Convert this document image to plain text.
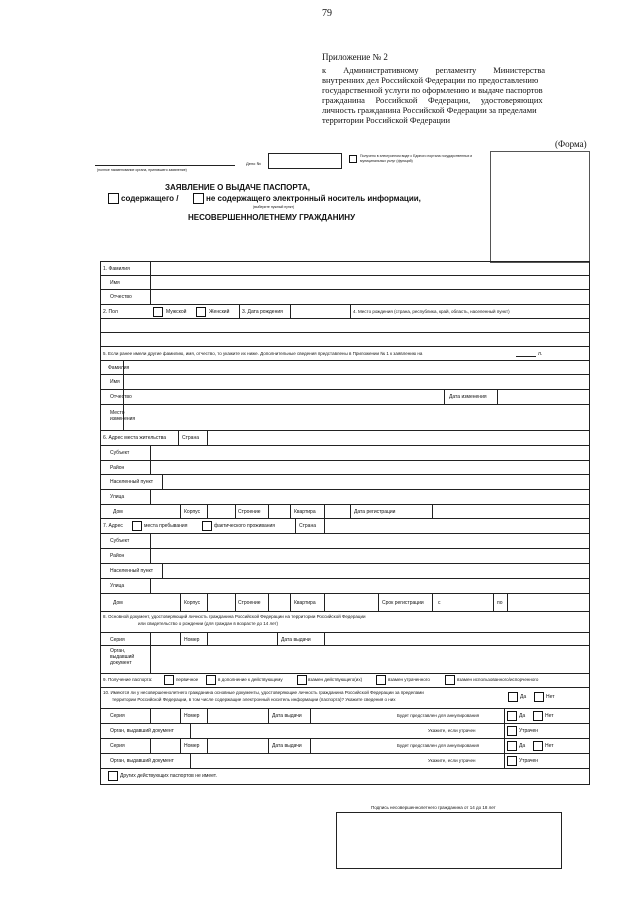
79
Приложение № 2
к        Административному        регламенту        Министерства
внутренних дел Российской Федерации по предоставлению
государственной услуги по оформлению и выдаче паспортов
гражданина     Российской     Федерации,     удостоверяющих
личность гражданина Российской Федерации за пределами
территории Российской Федерации
(Форма)
(полное наименование органа, принявшего заявление)
Дело №
Получено в электронном виде с Единого портала государственных и муниципальных услуг (функций)
ЗАЯВЛЕНИЕ О ВЫДАЧЕ ПАСПОРТА,
содержащего /	не содержащего электронный носитель информации,
(выберите нужный пункт)
НЕСОВЕРШЕННОЛЕТНЕМУ ГРАЖДАНИНУ
1. Фамилия
Имя
Отчество
2. Пол	Мужской	Женский	3. Дата рождения	4. Место рождения (страна, республика, край, область, населенный пункт)
5. Если ранее имели другие фамилию, имя, отчество, то укажите их ниже. Дополнительные сведения представлены в Приложении № 1 к заявлению на	л.
Фамилия
Имя
Отчество	Дата изменения
Место изменения
6. Адрес места жительства	Страна
Субъект
Район
Населенный пункт
Улица
Дом	Корпус	Строение	Квартира	Дата регистрации
7. Адрес	места пребывания	фактического проживания	Страна
Субъект
Район
Населенный пункт
Улица
Дом	Корпус	Строение	Квартира	Срок регистрации	с	по
8. Основной документ, удостоверяющий личность гражданина Российской Федерации на территории Российской Федерации
или свидетельство о рождении (для граждан в возрасте до 14 лет)
Серия	Номер	Дата выдачи
Орган, выдавший документ
9. Получение паспорта:	первичное	в дополнение к действующему	взамен действующего(их)	взамен утраченного	взамен использованного/испорченного
10. Имеются ли у несовершеннолетнего гражданина основные документы, удостоверяющие личность гражданина Российской Федерации за пределами
территории Российской Федерации, в том числе содержащие электронный носитель информации (паспорта)? Укажите сведения о них	Да	Нет
Серия	Номер	Дата выдачи	Будет представлен для аннулирования	Да	Нет
Орган, выдавший документ	Укажите, если утрачен	Утрачен
Серия	Номер	Дата выдачи	Будет представлен для аннулирования	Да	Нет
Орган, выдавший документ	Укажите, если утрачен	Утрачен
Других действующих паспортов не имеет.
Подпись несовершеннолетнего гражданина от 14 до 18 лет
